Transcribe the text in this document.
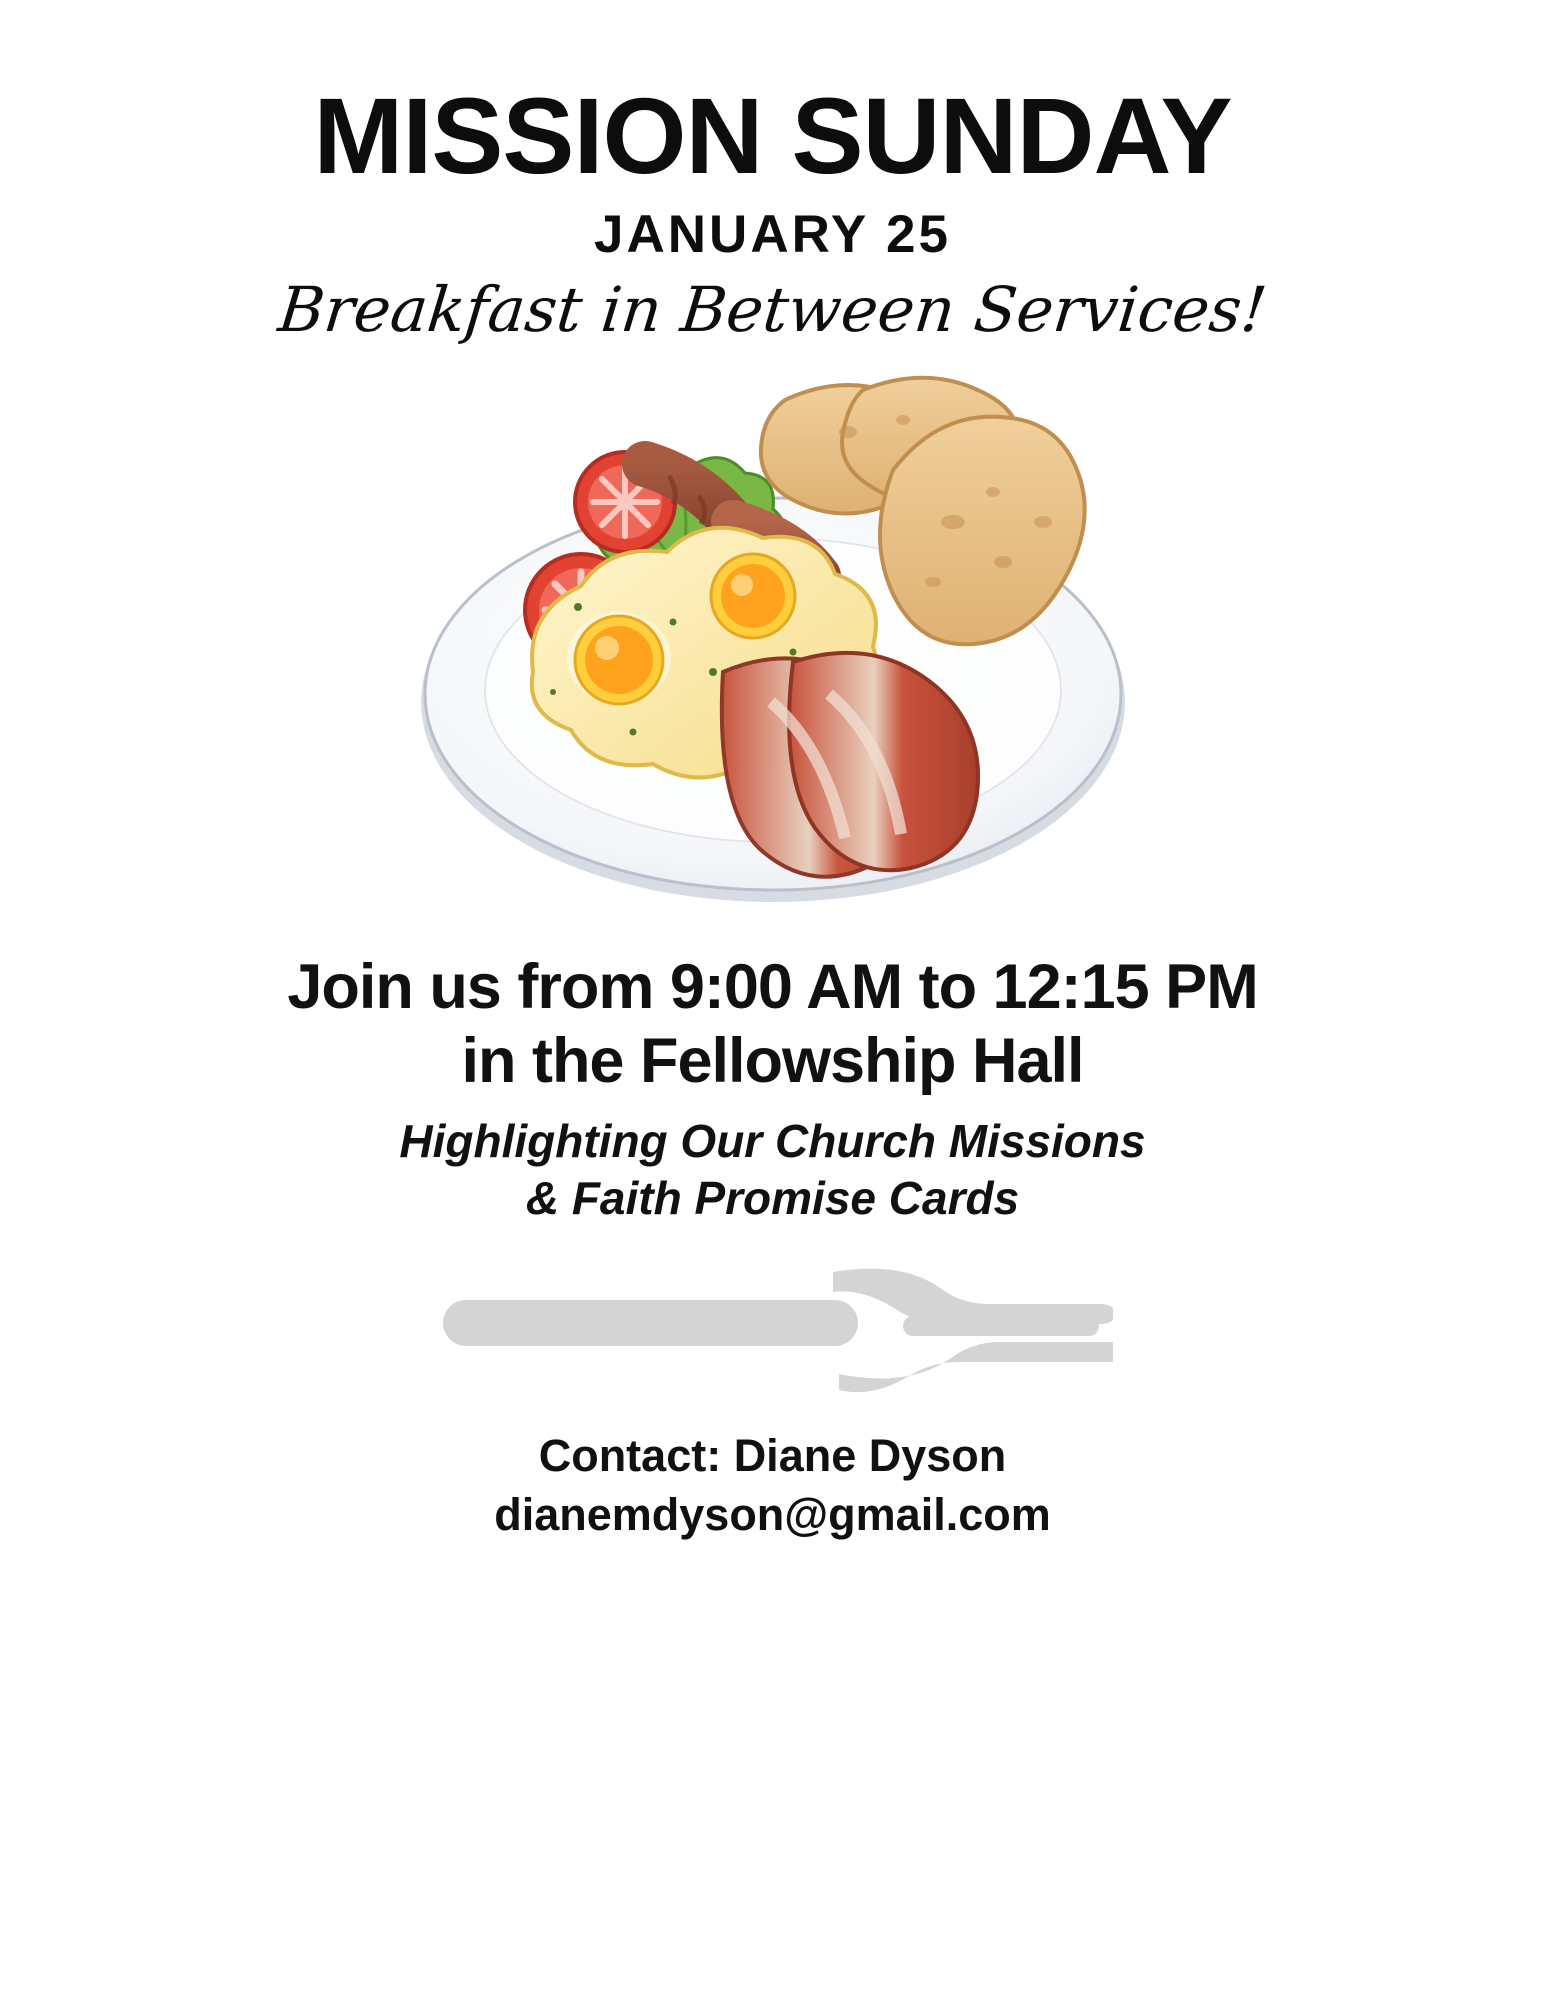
MISSION SUNDAY
JANUARY 25
Breakfast in Between Services!
Join us from 9:00 AM to 12:15 PM
in the Fellowship Hall
Highlighting Our Church Missions
& Faith Promise Cards
Contact: Diane Dyson
dianemdyson@gmail.com
